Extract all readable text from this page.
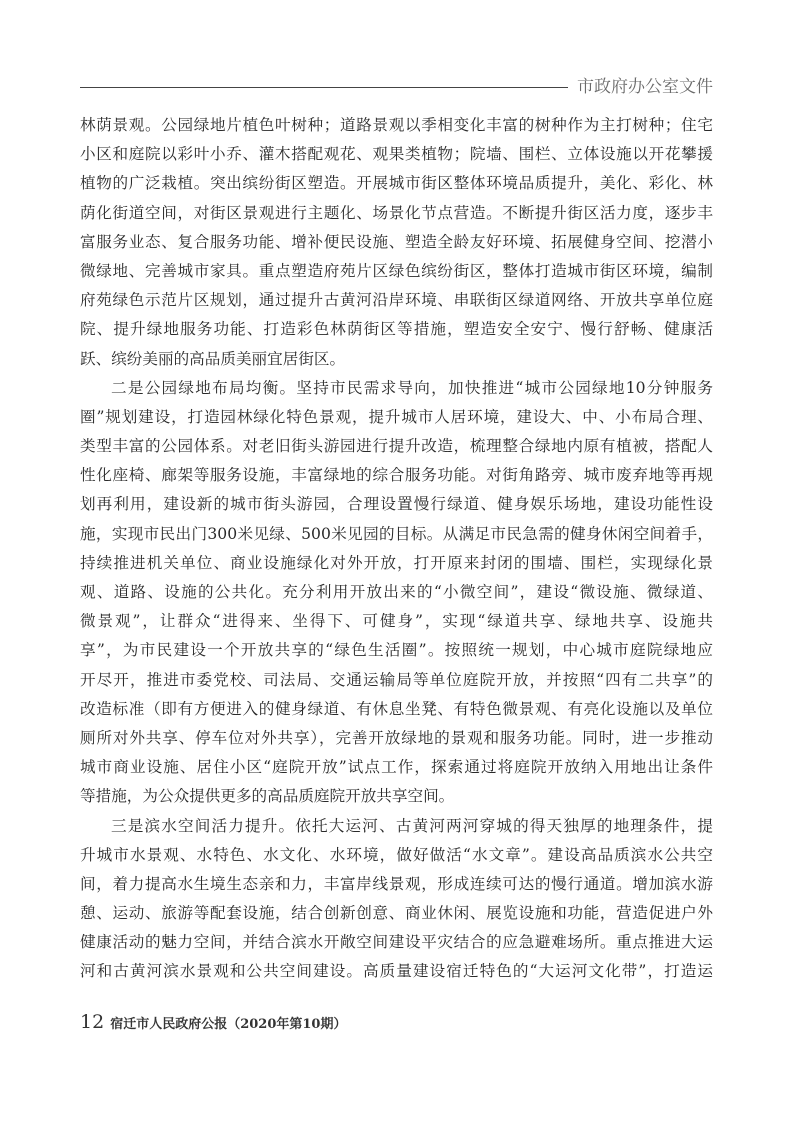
市政府办公室文件
林荫景观。公园绿地片植色叶树种；道路景观以季相变化丰富的树种作为主打树种；住宅
小区和庭院以彩叶小乔、灌木搭配观花、观果类植物；院墙、围栏、立体设施以开花攀援
植物的广泛栽植。突出缤纷街区塑造。开展城市街区整体环境品质提升，美化、彩化、林
荫化街道空间，对街区景观进行主题化、场景化节点营造。不断提升街区活力度，逐步丰
富服务业态、复合服务功能、增补便民设施、塑造全龄友好环境、拓展健身空间、挖潜小
微绿地、完善城市家具。重点塑造府苑片区绿色缤纷街区，整体打造城市街区环境，编制
府苑绿色示范片区规划，通过提升古黄河沿岸环境、串联街区绿道网络、开放共享单位庭
院、提升绿地服务功能、打造彩色林荫街区等措施，塑造安全安宁、慢行舒畅、健康活
跃、缤纷美丽的高品质美丽宜居街区。
二是公园绿地布局均衡。坚持市民需求导向，加快推进“城市公园绿地10分钟服务
圈”规划建设，打造园林绿化特色景观，提升城市人居环境，建设大、中、小布局合理、
类型丰富的公园体系。对老旧街头游园进行提升改造，梳理整合绿地内原有植被，搭配人
性化座椅、廊架等服务设施，丰富绿地的综合服务功能。对街角路旁、城市废弃地等再规
划再利用，建设新的城市街头游园，合理设置慢行绿道、健身娱乐场地，建设功能性设
施，实现市民出门300米见绿、500米见园的目标。从满足市民急需的健身休闲空间着手，
持续推进机关单位、商业设施绿化对外开放，打开原来封闭的围墙、围栏，实现绿化景
观、道路、设施的公共化。充分利用开放出来的“小微空间”，建设“微设施、微绿道、
微景观”，让群众“进得来、坐得下、可健身”，实现“绿道共享、绿地共享、设施共
享”，为市民建设一个开放共享的“绿色生活圈”。按照统一规划，中心城市庭院绿地应
开尽开，推进市委党校、司法局、交通运输局等单位庭院开放，并按照“四有二共享”的
改造标准（即有方便进入的健身绿道、有休息坐凳、有特色微景观、有亮化设施以及单位
厕所对外共享、停车位对外共享），完善开放绿地的景观和服务功能。同时，进一步推动
城市商业设施、居住小区“庭院开放”试点工作，探索通过将庭院开放纳入用地出让条件
等措施，为公众提供更多的高品质庭院开放共享空间。
三是滨水空间活力提升。依托大运河、古黄河两河穿城的得天独厚的地理条件，提
升城市水景观、水特色、水文化、水环境，做好做活“水文章”。建设高品质滨水公共空
间，着力提高水生境生态亲和力，丰富岸线景观，形成连续可达的慢行通道。增加滨水游
憩、运动、旅游等配套设施，结合创新创意、商业休闲、展览设施和功能，营造促进户外
健康活动的魅力空间，并结合滨水开敞空间建设平灾结合的应急避难场所。重点推进大运
河和古黄河滨水景观和公共空间建设。高质量建设宿迁特色的“大运河文化带”，打造运
12 宿迁市人民政府公报（2020年第10期）
